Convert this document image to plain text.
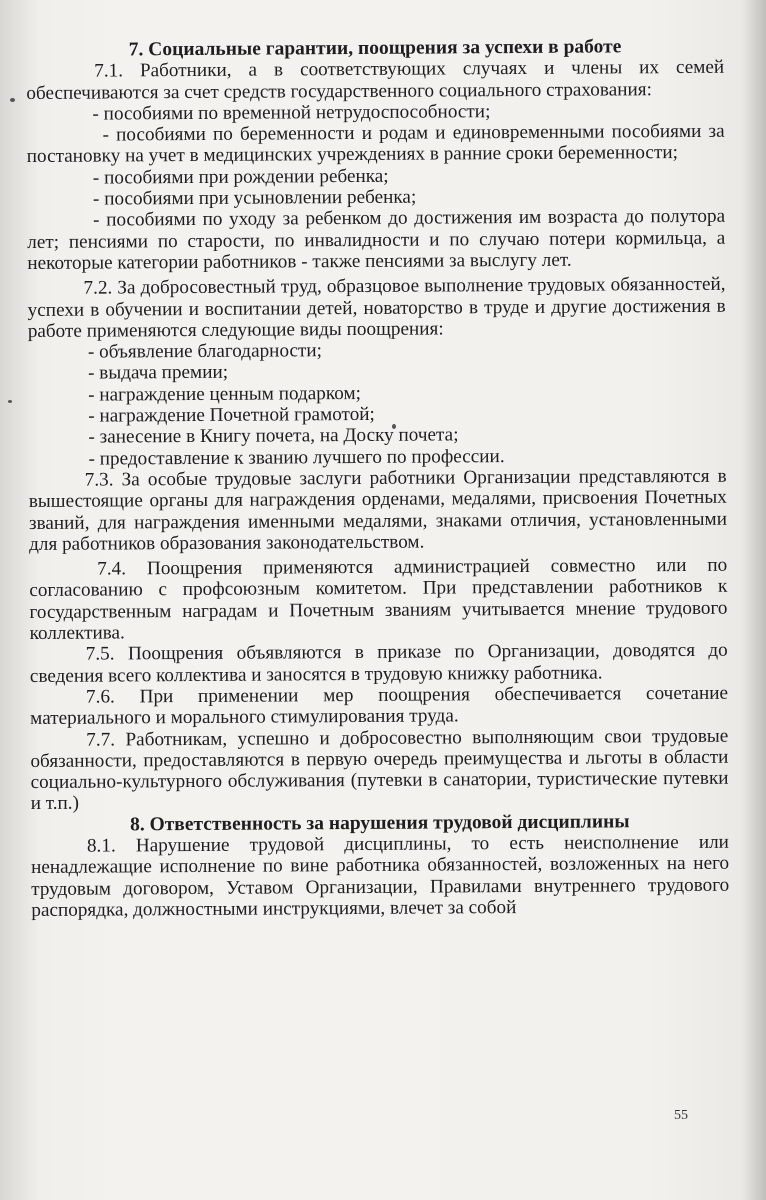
7. Социальные гарантии, поощрения за успехи в работе

7.1. Работники, а в соответствующих случаях и члены их семей обеспечиваются за счет средств государственного социального страхования:

- пособиями по временной нетрудоспособности;

- пособиями по беременности и родам и единовременными пособиями за постановку на учет в медицинских учреждениях в ранние сроки беременности;

- пособиями при рождении ребенка;

- пособиями при усыновлении ребенка;

- пособиями по уходу за ребенком до достижения им возраста до полутора лет; пенсиями по старости, по инвалидности и по случаю потери кормильца, а некоторые категории работников - также пенсиями за выслугу лет.

7.2. За добросовестный труд, образцовое выполнение трудовых обязанностей, успехи в обучении и воспитании детей, новаторство в труде и другие достижения в работе применяются следующие виды поощрения:

- объявление благодарности;

- выдача премии;

- награждение ценным подарком;

- награждение Почетной грамотой;

- занесение в Книгу почета, на Доску почета;

- предоставление к званию лучшего по профессии.

7.3. За особые трудовые заслуги работники Организации представляются в вышестоящие органы для награждения орденами, медалями, присвоения Почетных званий, для награждения именными медалями, знаками отличия, установленными для работников образования законодательством.

7.4. Поощрения применяются администрацией совместно или по согласованию с профсоюзным комитетом. При представлении работников к государственным наградам и Почетным званиям учитывается мнение трудового коллектива.

7.5. Поощрения объявляются в приказе по Организации, доводятся до сведения всего коллектива и заносятся в трудовую книжку работника.

7.6. При применении мер поощрения обеспечивается сочетание материального и морального стимулирования труда.

7.7. Работникам, успешно и добросовестно выполняющим свои трудовые обязанности, предоставляются в первую очередь преимущества и льготы в области социально-культурного обслуживания (путевки в санатории, туристические путевки и т.п.)

8. Ответственность за нарушения трудовой дисциплины

8.1. Нарушение трудовой дисциплины, то есть неисполнение или ненадлежащие исполнение по вине работника обязанностей, возложенных на него трудовым договором, Уставом Организации, Правилами внутреннего трудового распорядка, должностными инструкциями, влечет за собой

55
